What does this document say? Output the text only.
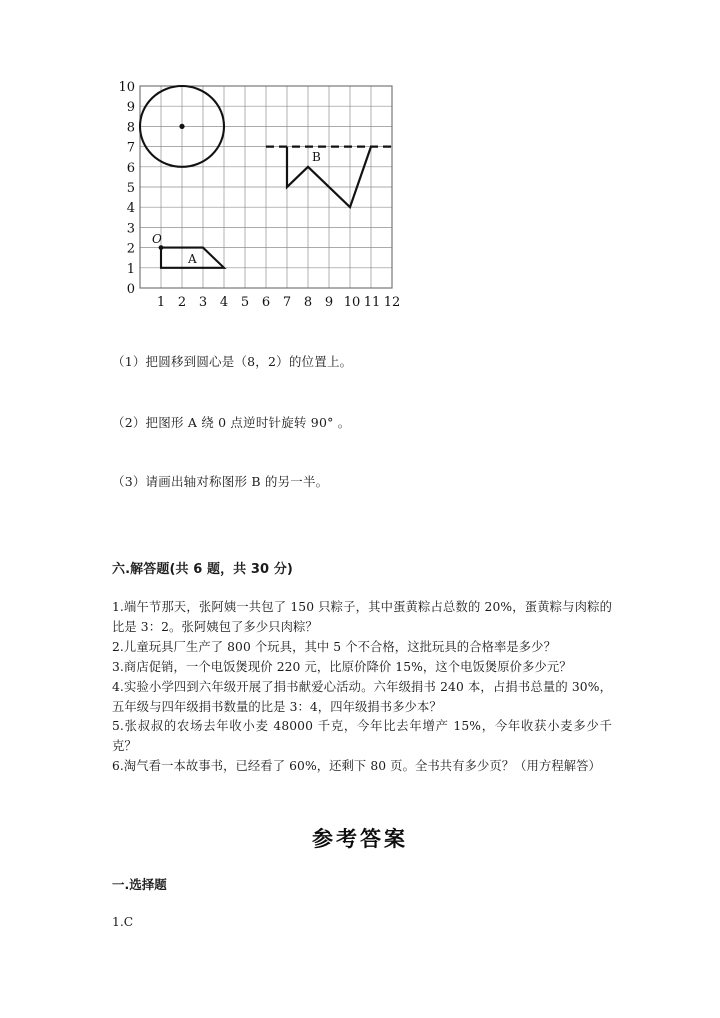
O
A
B
10
9
8
7
6
5
4
3
2
1
0
1 2 3 4 5 6 7 8 9 10 11 12
（1）把圆移到圆心是（8，2）的位置上。
（2）把图形 A 绕 0 点逆时针旋转 90° 。
（3）请画出轴对称图形 B 的另一半。
六.解答题(共 6 题，共 30 分)

1.端午节那天，张阿姨一共包了 150 只粽子，其中蛋黄粽占总数的 20%，蛋黄粽与肉粽的比是 3：2。张阿姨包了多少只肉粽？

2.儿童玩具厂生产了 800 个玩具，其中 5 个不合格，这批玩具的合格率是多少？

3.商店促销，一个电饭煲现价 220 元，比原价降价 15%，这个电饭煲原价多少元？

4.实验小学四到六年级开展了捐书献爱心活动。六年级捐书 240 本，占捐书总量的 30%，五年级与四年级捐书数量的比是 3：4，四年级捐书多少本？

5.张叔叔的农场去年收小麦 48000 千克，今年比去年增产 15%，今年收获小麦多少千克？

6.淘气看一本故事书，已经看了 60%，还剩下 80 页。全书共有多少页？（用方程解答）

参考答案
一.选择题
1.C
